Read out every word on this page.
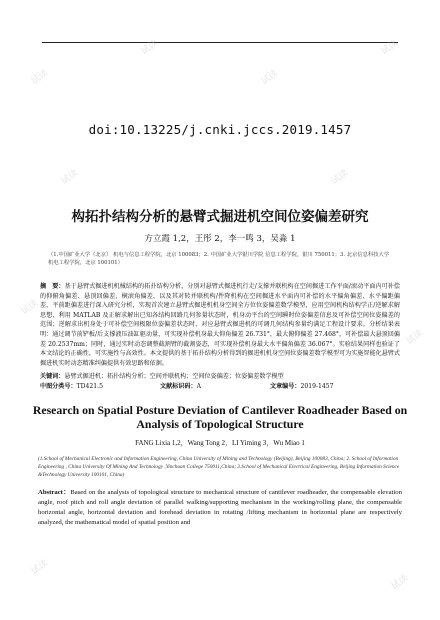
doi:10.13225/j.cnki.jccs.2019.1457
构拓扑结构分析的悬臂式掘进机空间位姿偏差研究
方立霞 1,2，王彤 2，李一鸣 3，吴淼 1
（1.中国矿业大学（北京） 机电与信息工程学院，北京 100083；2. 中国矿业大学银川学院 信息工程学院，银川 750011；3. 北京信息科技大学 机电工程学院，北京 100101）
摘　要：基于悬臂式掘进机机械结构的拓扑结构分析，分别对悬臂式掘进机行走/支撑并联机构在空间掘进工作平面/滚动平面内可补偿的仰俯角偏差、悬顶回偏差、横滚角偏差，以及其对转并联机构/件降机构在空间掘进水平面内可补偿的水平偏角偏差、水平偏距偏差、平前距偏差进行深入研究分析，实现首次建立悬臂式掘进机机身空间全方位位姿偏差数学模型，应用空间机构结构学正/逆解求解思想，利用 MATLAB 及正解求解出已知各结构回路几何参量状态时，机身动平台的空间瞬时位姿偏差信息及可补偿空间位姿偏差的范围；逆解求出机身处于可补偿空间极限位姿偏差状态时，对应悬臂式掘进机的可调几何结构参量约满足工程设计要求。分析结果表明：通过调节前铲板/后支撑液压油缸驱动量，可实现补偿机身最大仰角偏差 26.731°，最大俯仰偏差 27.468°，可补偿最大悬顶回偏差 20.2537mm；同时，通过实时动态调整截割臂的截割姿态，可实现补偿机身最大水平偏角偏差 36.067°。实验结果同样也验证了本文结论的正确性，可实施性与高效性。本文提供的基于拓扑结构分析得到的掘进机机身空间位姿偏差数学模型可为实施智能化悬臂式掘进机实时动态精准纠偏提供有效思路和依据。
关键词：悬臂式掘进机；拓扑结构分析；空间并联机构；空间位姿偏差；位姿偏差数学模型
中图分类号：TD421.5	文献标识码：A	文章编号：2019-1457
Research on Spatial Posture Deviation of Cantilever Roadheader Based on Analysis of Topological Structure
FANG Lixia 1,2，Wang Tong 2，LI Yiming 3，Wu Miao 1
(1.School of Mechanical Electronic and Information Engineering, China University of Mining and Technology (Beijing), Beijing 100083, China; 2. School of Information Engineering , China University Of Mining And Technology ,Yinchuan College 750011,China; 3.School of Mechanical Electrical Engineering, Beijing Information Science &Technology University 100101, China)
Abstract：Based on the analysis of topological structure to mechanical structure of cantilever roadheader, the compensable elevation angle, roof pitch and roll angle deviation of parallel walking/supporting mechanism in the working/rolling plane, the compensable horizontal angle, horizontal deviation and forehead deviation in rotating /lifting mechanism in horizontal plane are respectively analyzed, the mathematical model of spatial position and
试读
试读
试读
试读
试读	试读
试读
试读
试读
试读
